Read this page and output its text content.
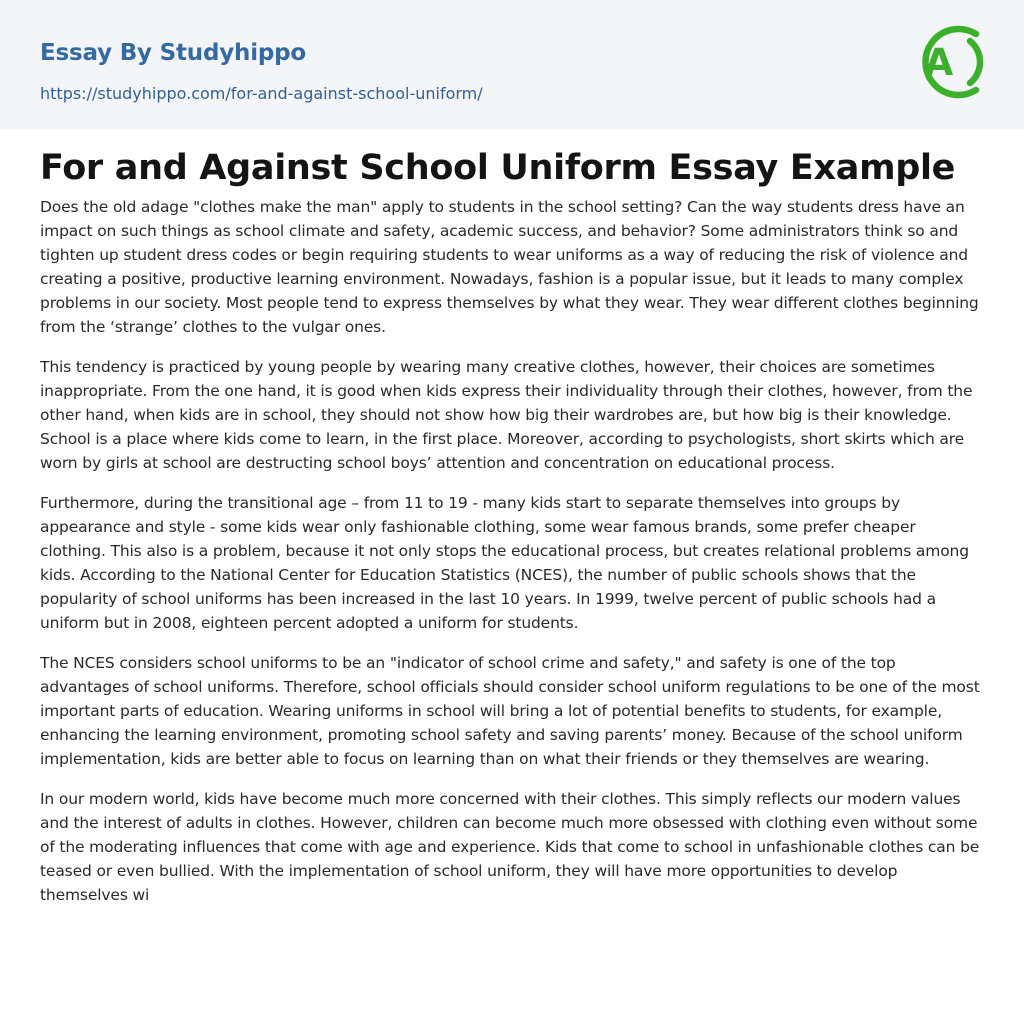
Essay By Studyhippo
https://studyhippo.com/for-and-against-school-uniform/
A
For and Against School Uniform Essay Example

Does the old adage "clothes make the man" apply to students in the school setting? Can the way students dress have an impact on such things as school climate and safety, academic success, and behavior? Some administrators think so and tighten up student dress codes or begin requiring students to wear uniforms as a way of reducing the risk of violence and creating a positive, productive learning environment. Nowadays, fashion is a popular issue, but it leads to many complex problems in our society. Most people tend to express themselves by what they wear. They wear different clothes beginning from the ‘strange’ clothes to the vulgar ones.

This tendency is practiced by young people by wearing many creative clothes, however, their choices are sometimes inappropriate. From the one hand, it is good when kids express their individuality through their clothes, however, from the other hand, when kids are in school, they should not show how big their wardrobes are, but how big is their knowledge. School is a place where kids come to learn, in the first place. Moreover, according to psychologists, short skirts which are worn by girls at school are destructing school boys’ attention and concentration on educational process.

Furthermore, during the transitional age – from 11 to 19 - many kids start to separate themselves into groups by appearance and style - some kids wear only fashionable clothing, some wear famous brands, some prefer cheaper clothing. This also is a problem, because it not only stops the educational process, but creates relational problems among kids. According to the National Center for Education Statistics (NCES), the number of public schools shows that the popularity of school uniforms has been increased in the last 10 years. In 1999, twelve percent of public schools had a uniform but in 2008, eighteen percent adopted a uniform for students.

The NCES considers school uniforms to be an "indicator of school crime and safety," and safety is one of the top advantages of school uniforms. Therefore, school officials should consider school uniform regulations to be one of the most important parts of education. Wearing uniforms in school will bring a lot of potential benefits to students, for example, enhancing the learning environment, promoting school safety and saving parents’ money. Because of the school uniform implementation, kids are better able to focus on learning than on what their friends or they themselves are wearing.

In our modern world, kids have become much more concerned with their clothes. This simply reflects our modern values and the interest of adults in clothes. However, children can become much more obsessed with clothing even without some of the moderating influences that come with age and experience. Kids that come to school in unfashionable clothes can be teased or even bullied. With the implementation of school uniform, they will have more opportunities to develop themselves wi
